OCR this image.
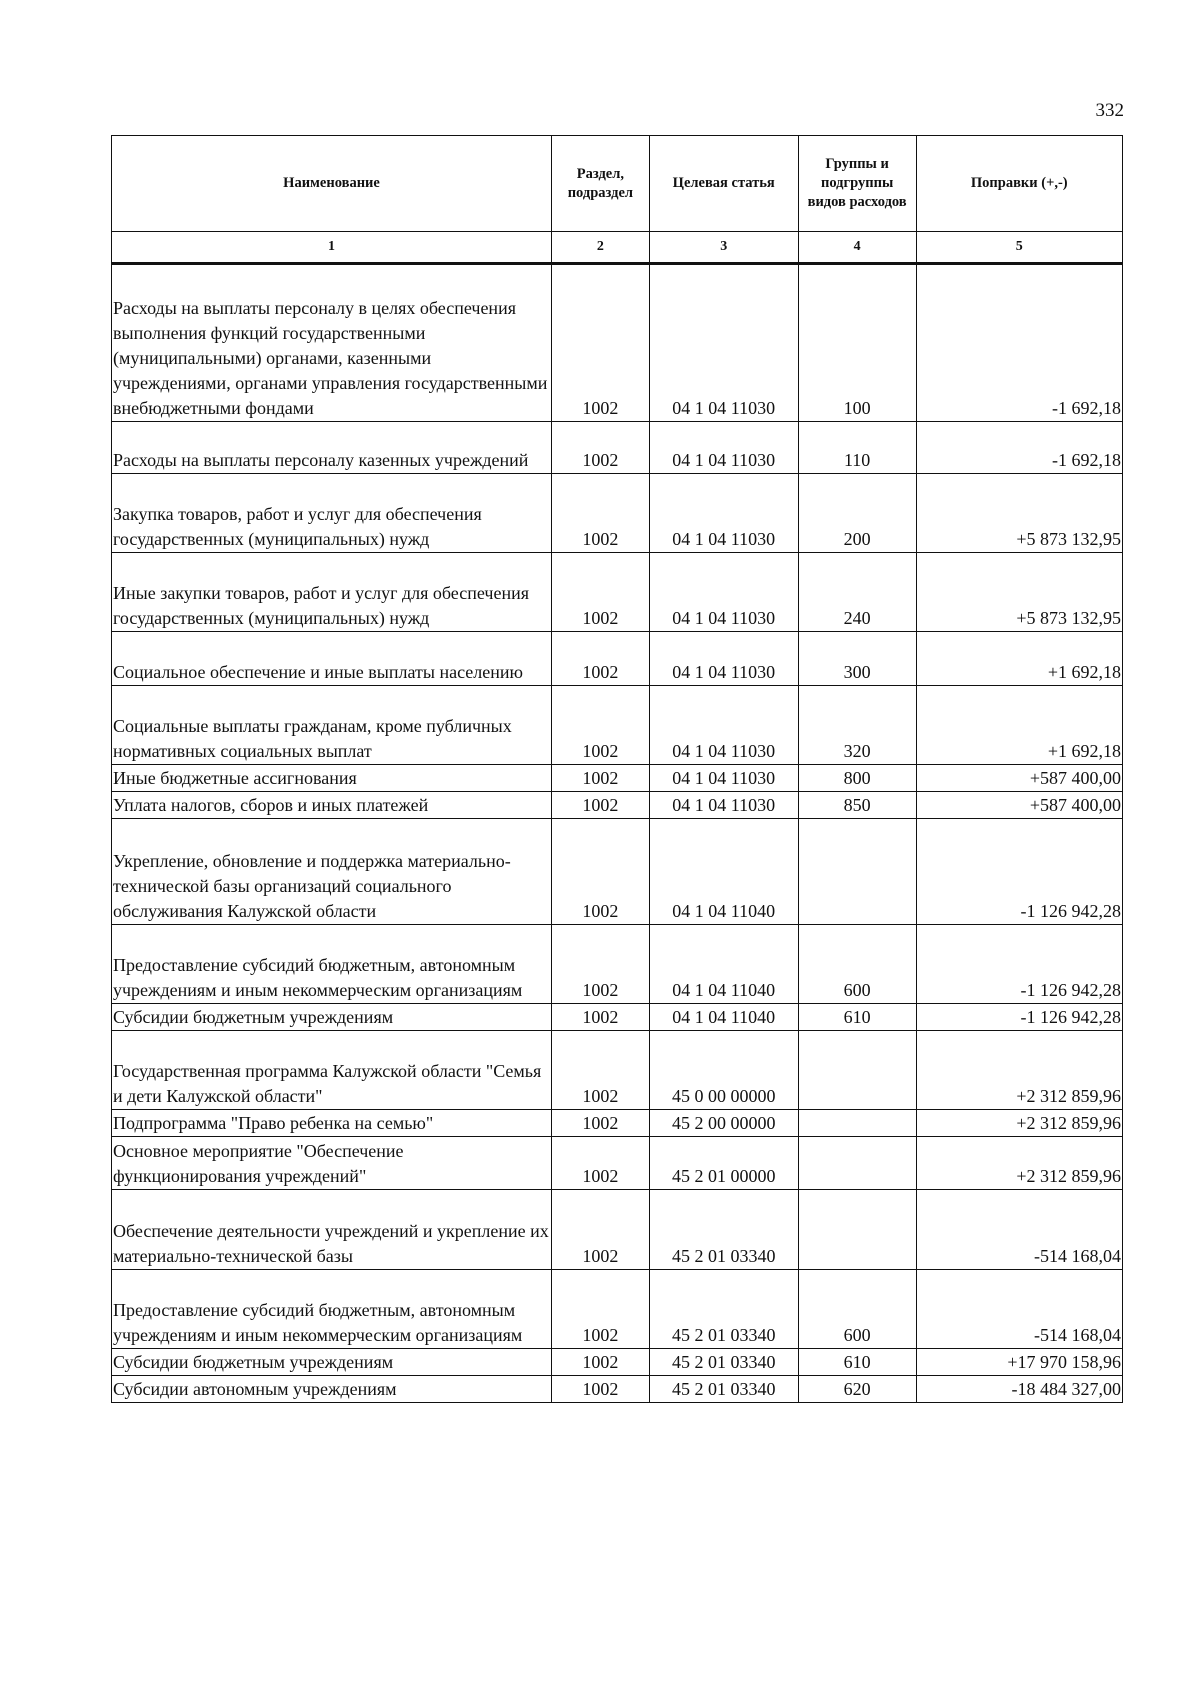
332
Наименование	Раздел, подраздел	Целевая статья	Группы и подгруппы видов расходов	Поправки (+,-)
1	2	3	4	5
Расходы на выплаты персоналу в целях обеспечения выполнения функций государственными (муниципальными) органами, казенными учреждениями, органами управления государственными внебюджетными фондами	1002	04 1 04 11030	100	-1 692,18
Расходы на выплаты персоналу казенных учреждений	1002	04 1 04 11030	110	-1 692,18
Закупка товаров, работ и услуг для обеспечения государственных (муниципальных) нужд	1002	04 1 04 11030	200	+5 873 132,95
Иные закупки товаров, работ и услуг для обеспечения государственных (муниципальных) нужд	1002	04 1 04 11030	240	+5 873 132,95
Социальное обеспечение и иные выплаты населению	1002	04 1 04 11030	300	+1 692,18
Социальные выплаты гражданам, кроме публичных нормативных социальных выплат	1002	04 1 04 11030	320	+1 692,18
Иные бюджетные ассигнования	1002	04 1 04 11030	800	+587 400,00
Уплата налогов, сборов и иных платежей	1002	04 1 04 11030	850	+587 400,00
Укрепление, обновление и поддержка материально-технической базы организаций социального обслуживания Калужской области	1002	04 1 04 11040		-1 126 942,28
Предоставление субсидий бюджетным, автономным учреждениям и иным некоммерческим организациям	1002	04 1 04 11040	600	-1 126 942,28
Субсидии бюджетным учреждениям	1002	04 1 04 11040	610	-1 126 942,28
Государственная программа Калужской области "Семья и дети Калужской области"	1002	45 0 00 00000		+2 312 859,96
Подпрограмма "Право ребенка на семью"	1002	45 2 00 00000		+2 312 859,96
Основное мероприятие "Обеспечение функционирования учреждений"	1002	45 2 01 00000		+2 312 859,96
Обеспечение деятельности учреждений и укрепление их материально-технической базы	1002	45 2 01 03340		-514 168,04
Предоставление субсидий бюджетным, автономным учреждениям и иным некоммерческим организациям	1002	45 2 01 03340	600	-514 168,04
Субсидии бюджетным учреждениям	1002	45 2 01 03340	610	+17 970 158,96
Субсидии автономным учреждениям	1002	45 2 01 03340	620	-18 484 327,00
